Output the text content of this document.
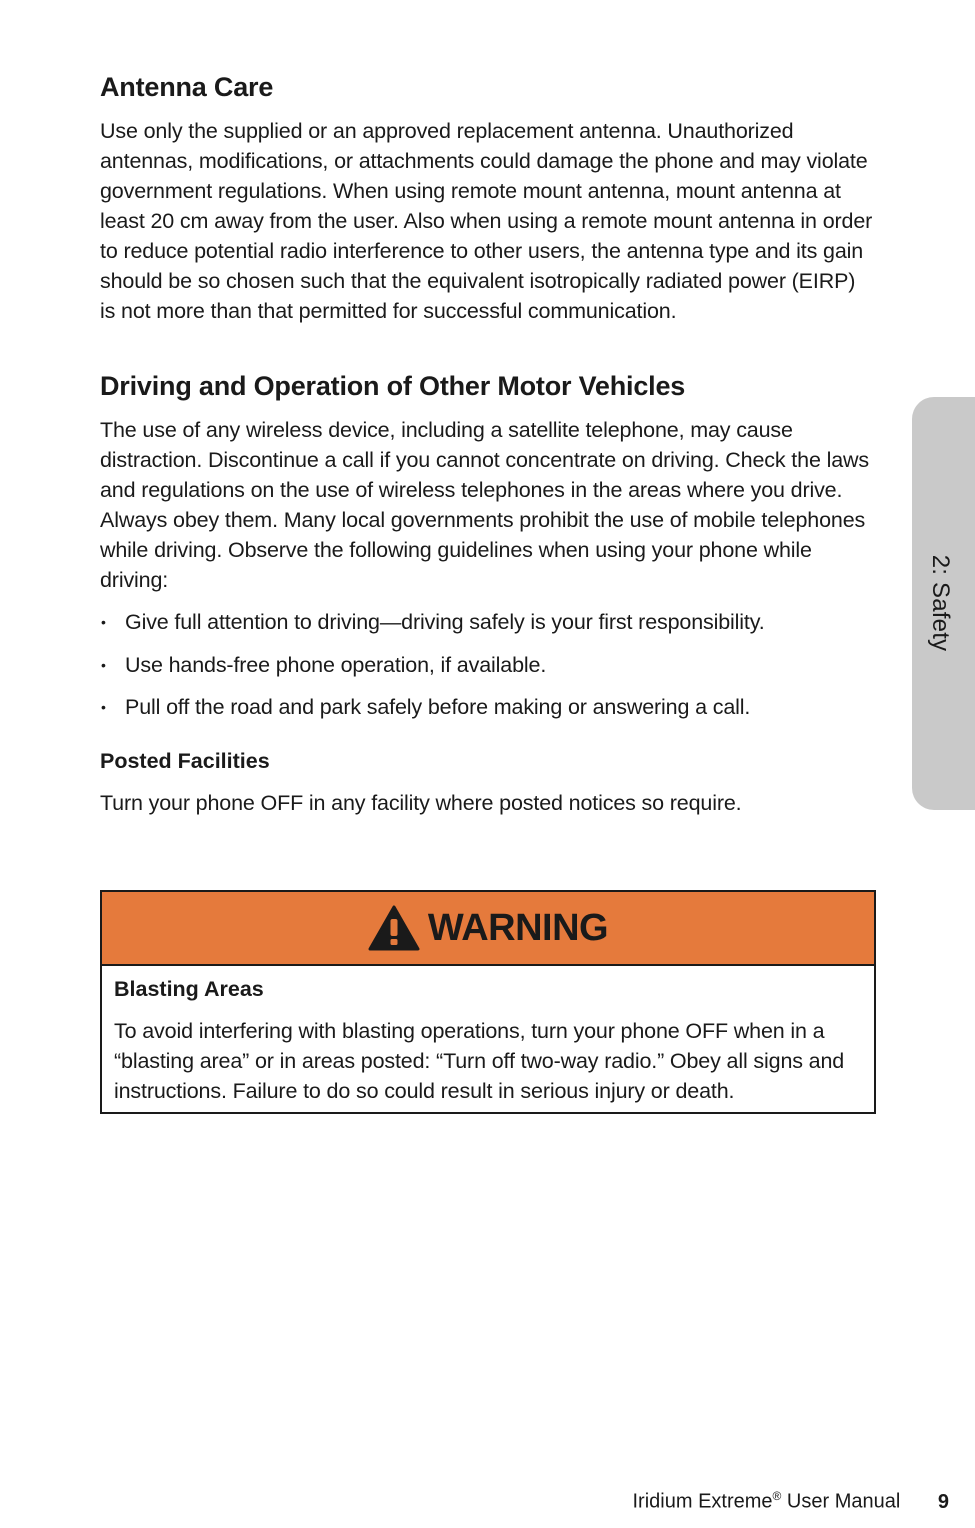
Antenna Care

Use only the supplied or an approved replacement antenna. Unauthorized antennas, modifications, or attachments could damage the phone and may violate government regulations. When using remote mount antenna, mount antenna at least 20 cm away from the user. Also when using a remote mount antenna in order to reduce potential radio interference to other users, the antenna type and its gain should be so chosen such that the equivalent isotropically radiated power (EIRP) is not more than that permitted for successful communication.

Driving and Operation of Other Motor Vehicles

The use of any wireless device, including a satellite telephone, may cause distraction. Discontinue a call if you cannot concentrate on driving. Check the laws and regulations on the use of wireless telephones in the areas where you drive. Always obey them. Many local governments prohibit the use of mobile telephones while driving. Observe the following guidelines when using your phone while driving:

• Give full attention to driving—driving safely is your first responsibility.
• Use hands-free phone operation, if available.
• Pull off the road and park safely before making or answering a call.
Posted Facilities

Turn your phone OFF in any facility where posted notices so require.

WARNING
Blasting Areas

To avoid interfering with blasting operations, turn your phone OFF when in a “blasting area” or in areas posted: “Turn off two-way radio.” Obey all signs and instructions. Failure to do so could result in serious injury or death.

2: Safety
Iridium Extreme® User Manual 9
